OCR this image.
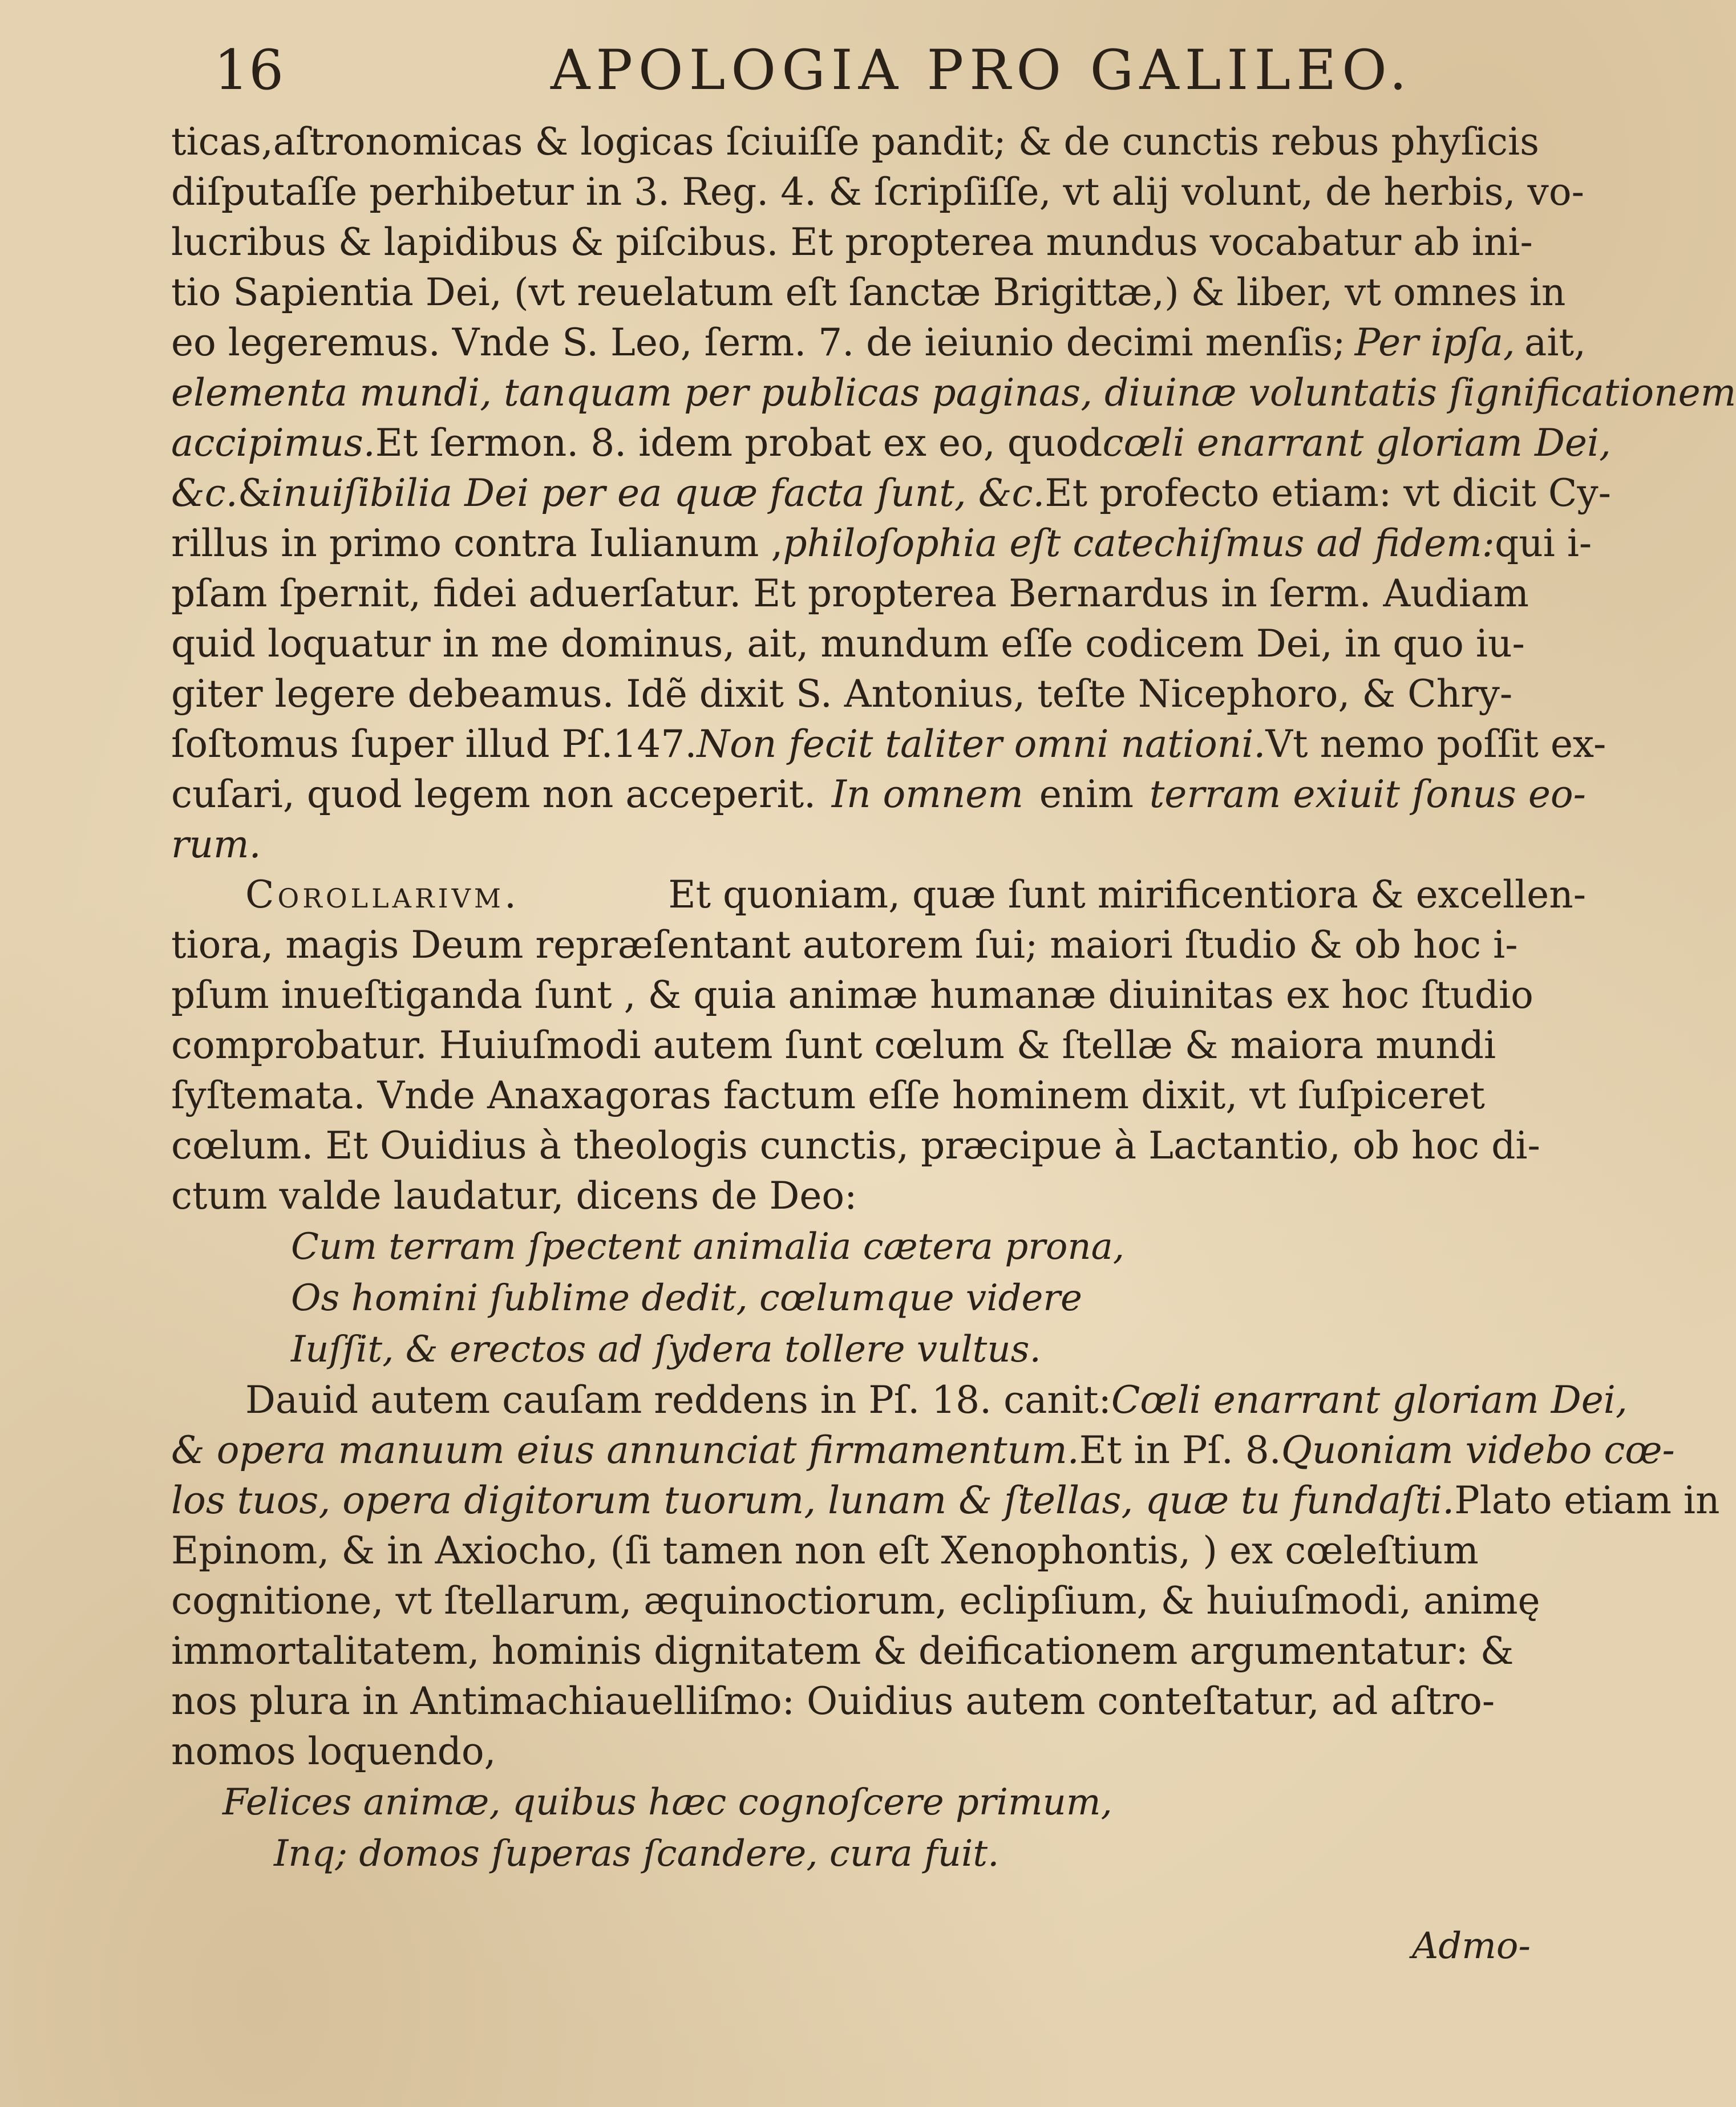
16	APOLOGIA PRO GALILEO.
ticas,aſtronomicas & logicas ſciuiſſe pandit; & de cunctis rebus phyſicis
diſputaſſe perhibetur in 3. Reg. 4. & ſcripſiſſe, vt alij volunt, de herbis, vo-
lucribus & lapidibus & piſcibus. Et propterea mundus vocabatur ab ini-
tio Sapientia Dei, (vt reuelatum eſt ſanctæ Brigittæ,) & liber, vt omnes in
eo legeremus. Vnde S. Leo, ſerm. 7. de ieiunio decimi menſis; Per ipſa, ait,
elementa mundi, tanquam per publicas paginas, diuinæ voluntatis ſignificationem
accipimus. Et ſermon. 8. idem probat ex eo, quod cœli enarrant gloriam Dei,
&c. & inuiſibilia Dei per ea quæ facta ſunt, &c. Et profecto etiam: vt dicit Cy-
rillus in primo contra Iulianum , philoſophia eſt catechiſmus ad fidem: qui i-
pſam ſpernit, fidei aduerſatur. Et propterea Bernardus in ſerm. Audiam
quid loquatur in me dominus, ait, mundum eſſe codicem Dei, in quo iu-
giter legere debeamus. Idẽ dixit S. Antonius, teſte Nicephoro, & Chry-
ſoſtomus ſuper illud Pſ.147. Non fecit taliter omni nationi. Vt nemo poſſit ex-
cuſari, quod legem non acceperit. In omnem enim terram exiuit ſonus eo-
rum.
Corollarivm.	Et quoniam, quæ ſunt mirificentiora & excellen-
tiora, magis Deum repræſentant autorem ſui; maiori ſtudio & ob hoc i-
pſum inueſtiganda ſunt , & quia animæ humanæ diuinitas ex hoc ſtudio
comprobatur. Huiuſmodi autem ſunt cœlum & ſtellæ & maiora mundi
ſyſtemata. Vnde Anaxagoras factum eſſe hominem dixit, vt ſuſpiceret
cœlum. Et Ouidius à theologis cunctis, præcipue à Lactantio, ob hoc di-
ctum valde laudatur, dicens de Deo:
Cum terram ſpectent animalia cætera prona,
Os homini ſublime dedit, cœlumque videre
Iuſſit, & erectos ad ſydera tollere vultus.
Dauid autem cauſam reddens in Pſ. 18. canit: Cœli enarrant gloriam Dei,
& opera manuum eius annunciat firmamentum. Et in Pſ. 8. Quoniam videbo cœ-
los tuos, opera digitorum tuorum, lunam & ſtellas, quæ tu fundaſti. Plato etiam in
Epinom, & in Axiocho, (ſi tamen non eſt Xenophontis, ) ex cœleſtium
cognitione, vt ſtellarum, æquinoctiorum, eclipſium, & huiuſmodi, animę
immortalitatem, hominis dignitatem & deificationem argumentatur: &
nos plura in Antimachiauelliſmo: Ouidius autem conteſtatur, ad aſtro-
nomos loquendo,
Felices animæ, quibus hæc cognoſcere primum,
Inq; domos ſuperas ſcandere, cura fuit.
Admo-
